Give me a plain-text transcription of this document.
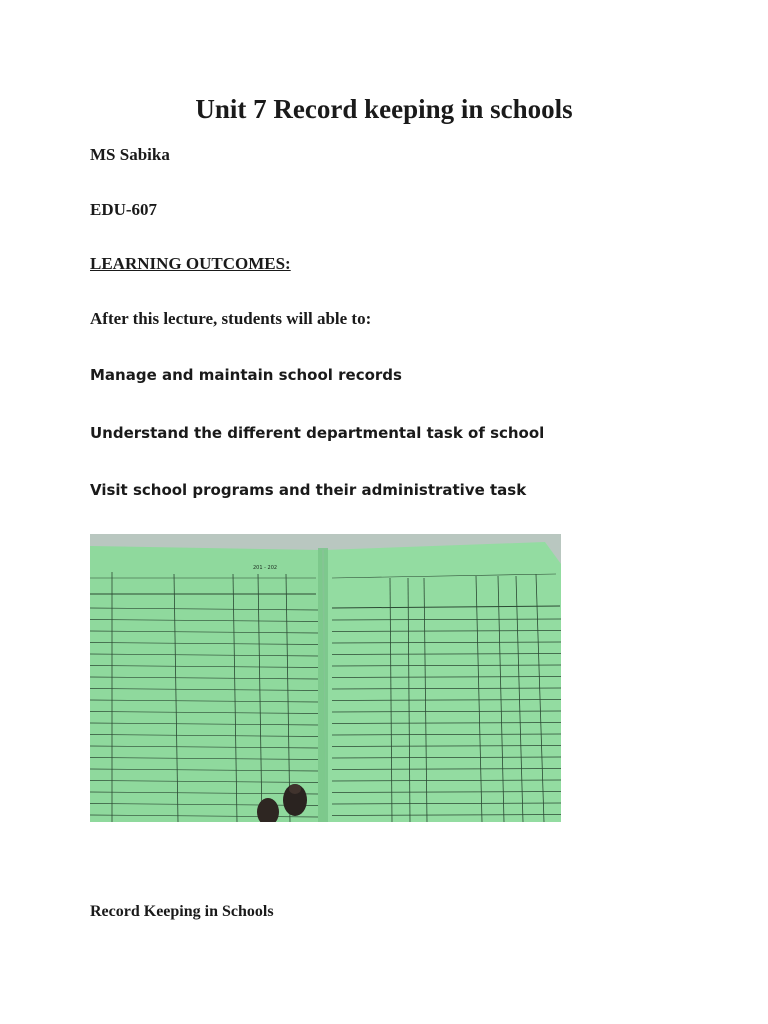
Unit 7 Record keeping in schools
MS Sabika
EDU-607
LEARNING OUTCOMES:
After this lecture, students will able to:
Manage and maintain school records
Understand the different departmental task of school
Visit school programs and their administrative task
201 - 202
Record Keeping in Schools
